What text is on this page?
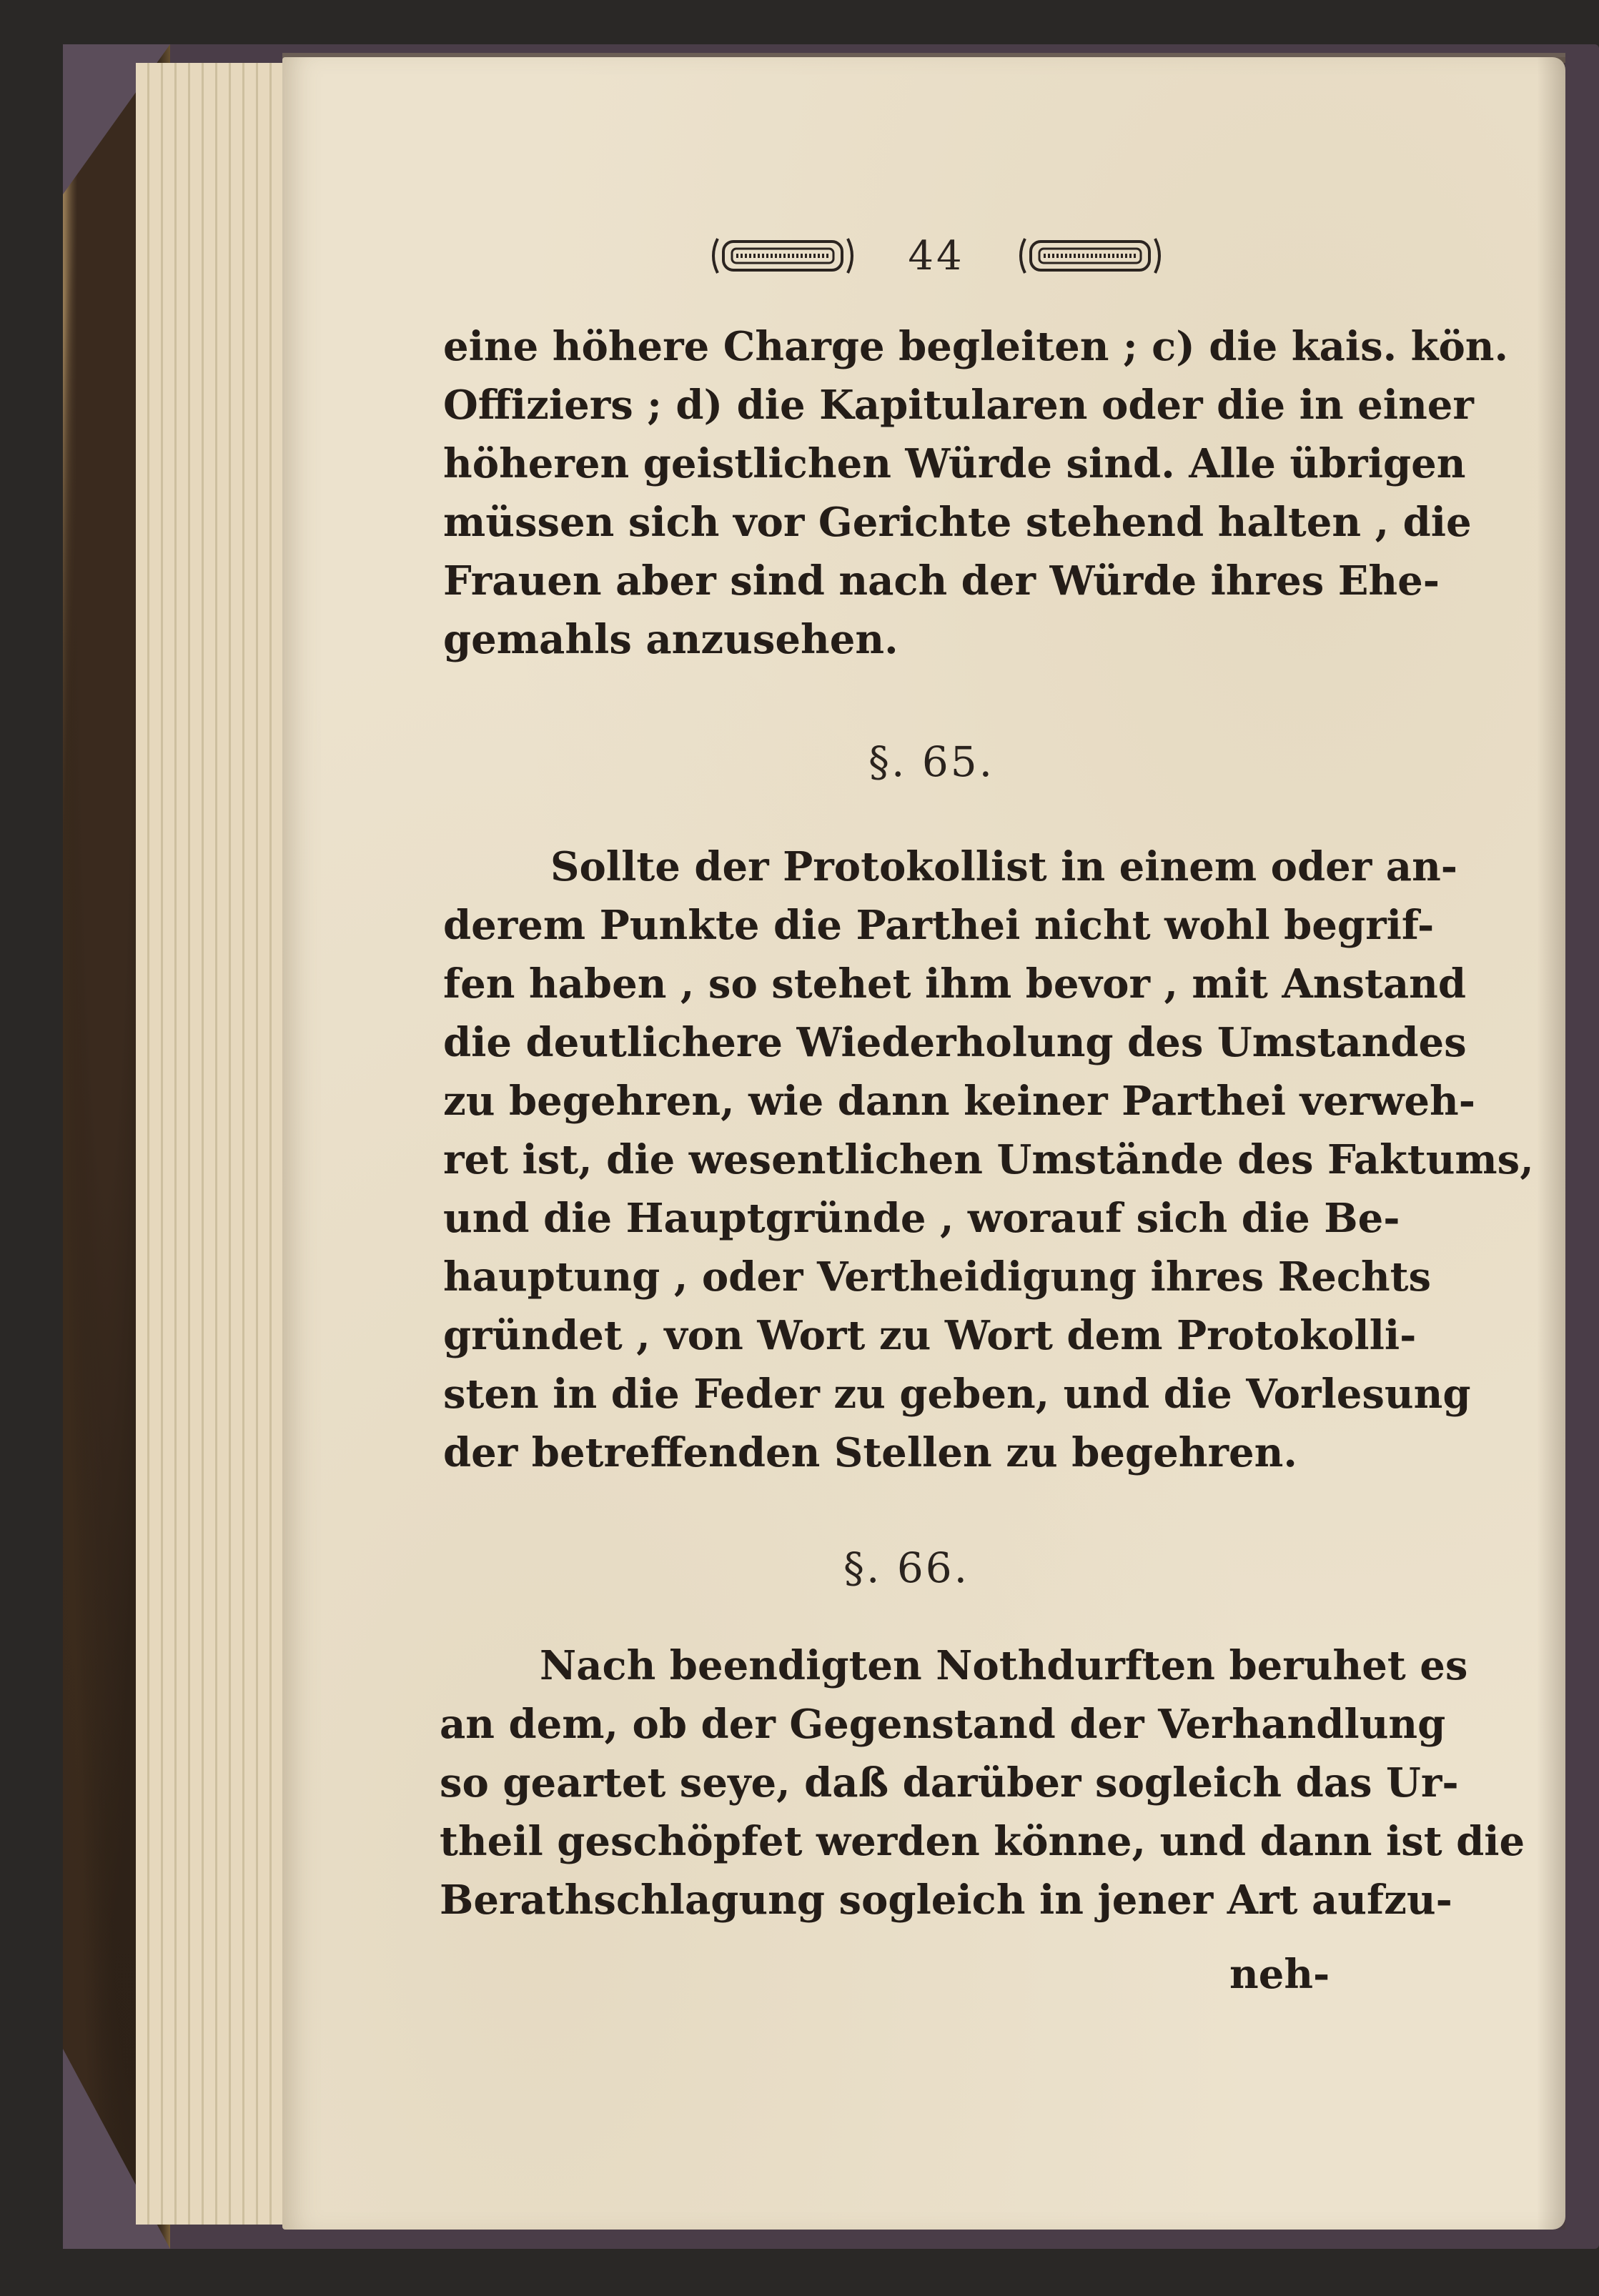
44
eine höhere Charge begleiten ; c) die kais. kön.
Offiziers ; d) die Kapitularen oder die in einer
höheren geistlichen Würde sind. Alle übrigen
müssen sich vor Gerichte stehend halten , die
Frauen aber sind nach der Würde ihres Ehe-
gemahls anzusehen.
§. 65.
Sollte der Protokollist in einem oder an-
derem Punkte die Parthei nicht wohl begrif-
fen haben , so stehet ihm bevor , mit Anstand
die deutlichere Wiederholung des Umstandes
zu begehren, wie dann keiner Parthei verweh-
ret ist, die wesentlichen Umstände des Faktums,
und die Hauptgründe , worauf sich die Be-
hauptung , oder Vertheidigung ihres Rechts
gründet , von Wort zu Wort dem Protokolli-
sten in die Feder zu geben, und die Vorlesung
der betreffenden Stellen zu begehren.
§. 66.
Nach beendigten Nothdurften beruhet es
an dem, ob der Gegenstand der Verhandlung
so geartet seye, daß darüber sogleich das Ur-
theil geschöpfet werden könne, und dann ist die
Berathschlagung sogleich in jener Art aufzu-
neh-
